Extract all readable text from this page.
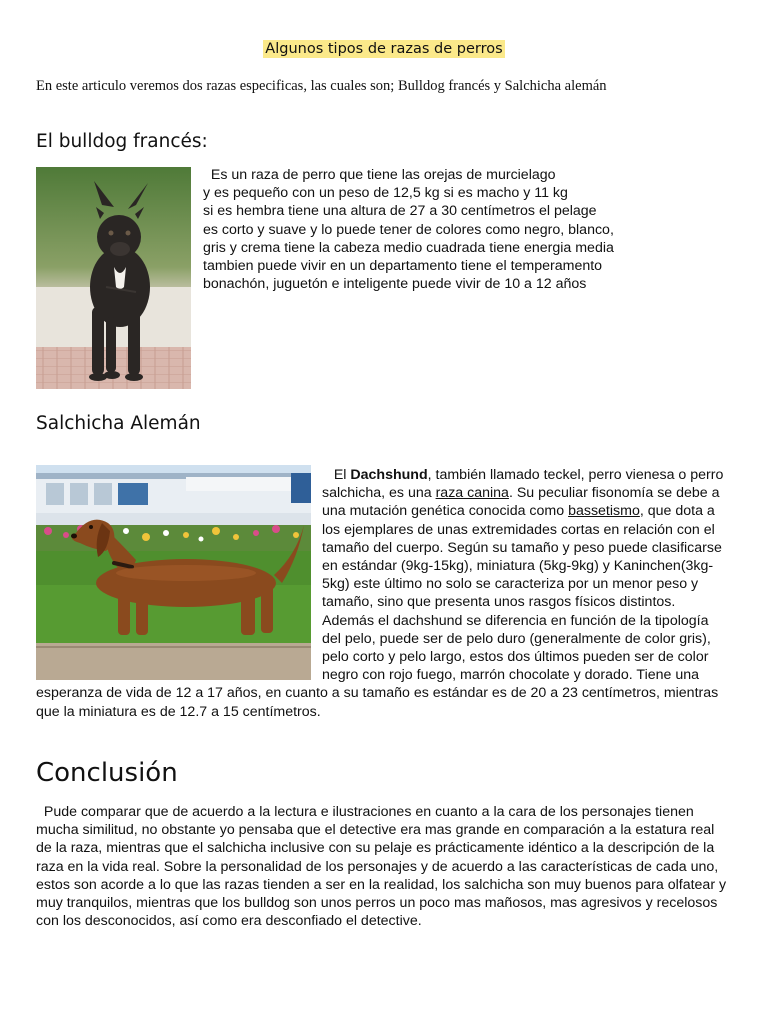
Algunos tipos de razas de perros
En este articulo veremos dos razas especificas, las cuales son; Bulldog francés y Salchicha alemán
El bulldog francés:
Es un raza de perro que tiene las orejas de murcielago
y es pequeño con un peso de 12,5 kg si es macho y 11 kg
si es hembra tiene una altura de 27 a 30 centímetros el pelage
es corto y suave y lo puede tener de colores como negro, blanco,
gris y crema tiene la cabeza medio cuadrada tiene energia media
tambien puede vivir en un departamento tiene el temperamento
bonachón, juguetón e inteligente puede vivir de 10 a 12 años
Salchicha Alemán
El Dachshund, también llamado teckel, perro vienesa o perro salchicha, es una raza canina. Su peculiar fisonomía se debe a una mutación genética conocida como bassetismo, que dota a los ejemplares de unas extremidades cortas en relación con el tamaño del cuerpo. Según su tamaño y peso puede clasificarse en estándar (9kg-15kg), miniatura (5kg-9kg) y Kaninchen(3kg-5kg) este último no solo se caracteriza por un menor peso y tamaño, sino que presenta unos rasgos físicos distintos. Además el dachshund se diferencia en función de la tipología del pelo, puede ser de pelo duro (generalmente de color gris), pelo corto y pelo largo, estos dos últimos pueden ser de color negro con rojo fuego, marrón chocolate y dorado. Tiene una esperanza de vida de 12 a 17 años, en cuanto a su tamaño es estándar es de 20 a 23 centímetros, mientras que la miniatura es de 12.7 a 15 centímetros.
Conclusión

Pude comparar que de acuerdo a la lectura e ilustraciones en cuanto a la cara de los personajes tienen mucha similitud, no obstante yo pensaba que el detective era mas grande en comparación a la estatura real de la raza, mientras que el salchicha inclusive con su pelaje es prácticamente idéntico a la descripción de la raza en la vida real. Sobre la personalidad de los personajes y de acuerdo a las características de cada uno, estos son acorde a lo que las razas tienden a ser en la realidad, los salchicha son muy buenos para olfatear y muy tranquilos, mientras que los bulldog son unos perros un poco mas mañosos, mas agresivos y recelosos con los desconocidos, así como era desconfiado el detective.
